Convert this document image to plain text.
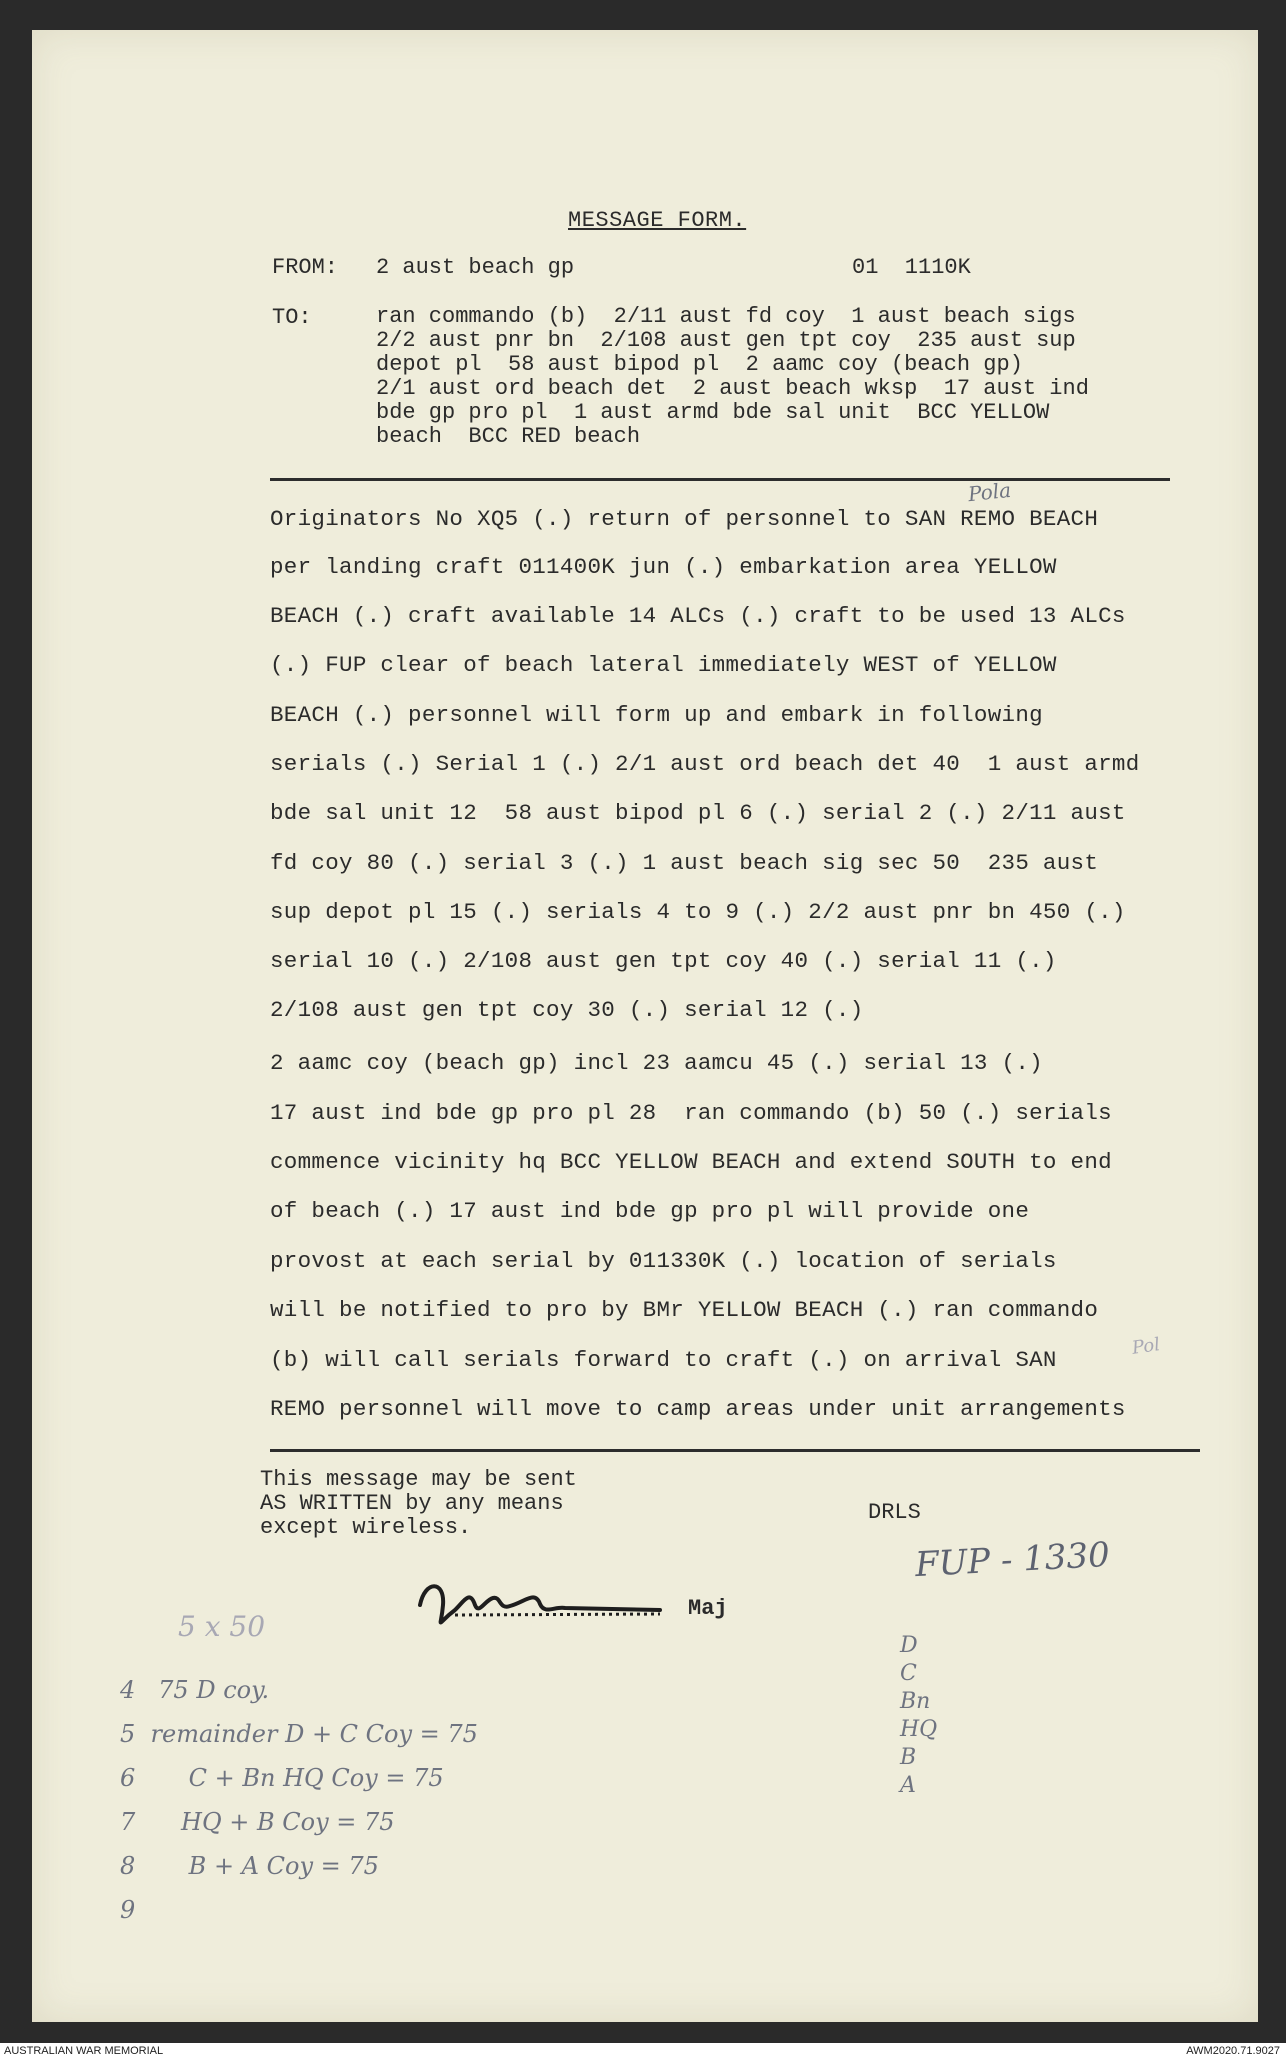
MESSAGE FORM.
FROM: 2 aust beach gp	01  1110K
TO:	ran commando (b)  2/11 aust fd coy  1 aust beach sigs
2/2 aust pnr bn  2/108 aust gen tpt coy  235 aust sup
depot pl  58 aust bipod pl  2 aamc coy (beach gp)
2/1 aust ord beach det  2 aust beach wksp  17 aust ind
bde gp pro pl  1 aust armd bde sal unit  BCC YELLOW
beach  BCC RED beach
Originators No XQ5 (.) return of personnel to SAN REMO BEACH
per landing craft 011400K jun (.) embarkation area YELLOW
BEACH (.) craft available 14 ALCs (.) craft to be used 13 ALCs
(.) FUP clear of beach lateral immediately WEST of YELLOW
BEACH (.) personnel will form up and embark in following
serials (.) Serial 1 (.) 2/1 aust ord beach det 40  1 aust armd
bde sal unit 12  58 aust bipod pl 6 (.) serial 2 (.) 2/11 aust
fd coy 80 (.) serial 3 (.) 1 aust beach sig sec 50  235 aust
sup depot pl 15 (.) serials 4 to 9 (.) 2/2 aust pnr bn 450 (.)
serial 10 (.) 2/108 aust gen tpt coy 40 (.) serial 11 (.)
2/108 aust gen tpt coy 30 (.) serial 12 (.)
2 aamc coy (beach gp) incl 23 aamcu 45 (.) serial 13 (.)
17 aust ind bde gp pro pl 28  ran commando (b) 50 (.) serials
commence vicinity hq BCC YELLOW BEACH and extend SOUTH to end
of beach (.) 17 aust ind bde gp pro pl will provide one
provost at each serial by 011330K (.) location of serials
will be notified to pro by BMr YELLOW BEACH (.) ran commando
(b) will call serials forward to craft (.) on arrival SAN
REMO personnel will move to camp areas under unit arrangements
This message may be sent
AS WRITTEN by any means
except wireless.
DRLS
Maj
Pola
Pol
FUP - 1330
5 x 50
4   75 D coy.
5  remainder D + C Coy = 75
6       C + Bn HQ Coy = 75
7      HQ + B Coy = 75
8       B + A Coy = 75
9
D
C
Bn
HQ
B
A
AUSTRALIAN WAR MEMORIAL	AWM2020.71.9027
